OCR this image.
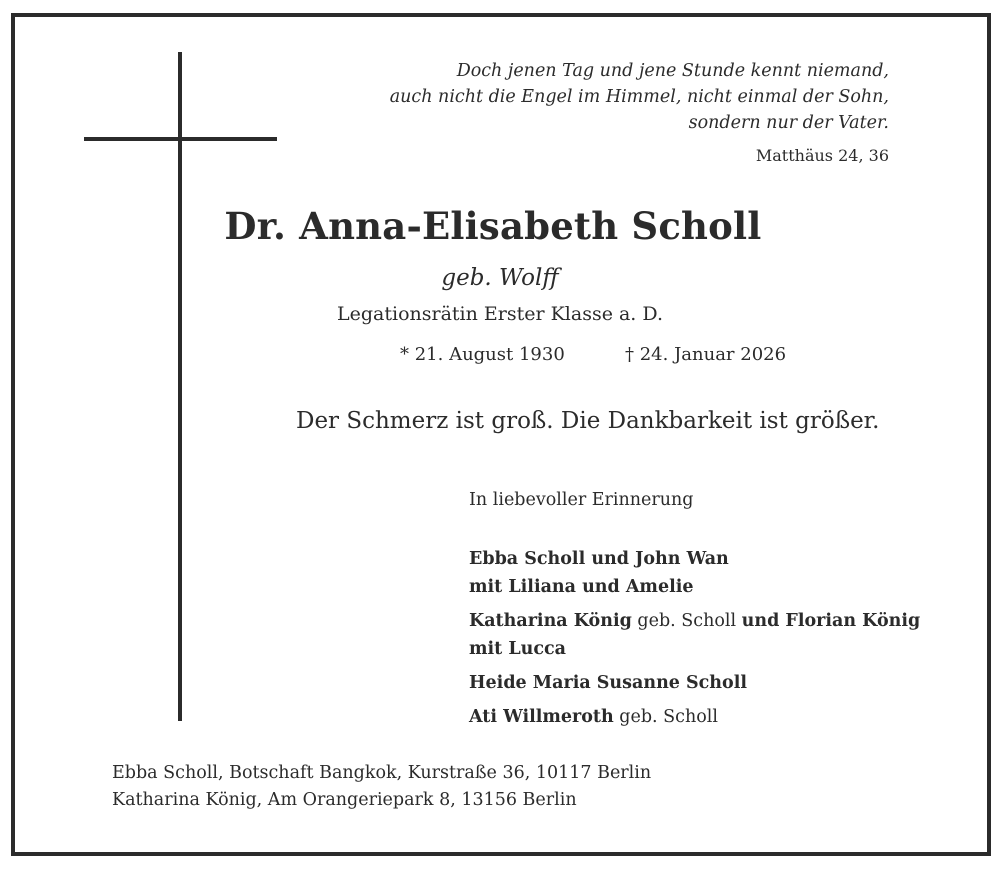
Doch jenen Tag und jene Stunde kennt niemand,
auch nicht die Engel im Himmel, nicht einmal der Sohn,
sondern nur der Vater.
Matthäus 24, 36
Dr. Anna-Elisabeth Scholl
geb. Wolff
Legationsrätin Erster Klasse a. D.
* 21. August 1930	† 24. Januar 2026
Der Schmerz ist groß. Die Dankbarkeit ist größer.
In liebevoller Erinnerung
Ebba Scholl und John Wan
mit Liliana und Amelie
Katharina König geb. Scholl und Florian König
mit Lucca
Heide Maria Susanne Scholl
Ati Willmeroth geb. Scholl
Ebba Scholl, Botschaft Bangkok, Kurstraße 36, 10117 Berlin
Katharina König, Am Orangeriepark 8, 13156 Berlin
